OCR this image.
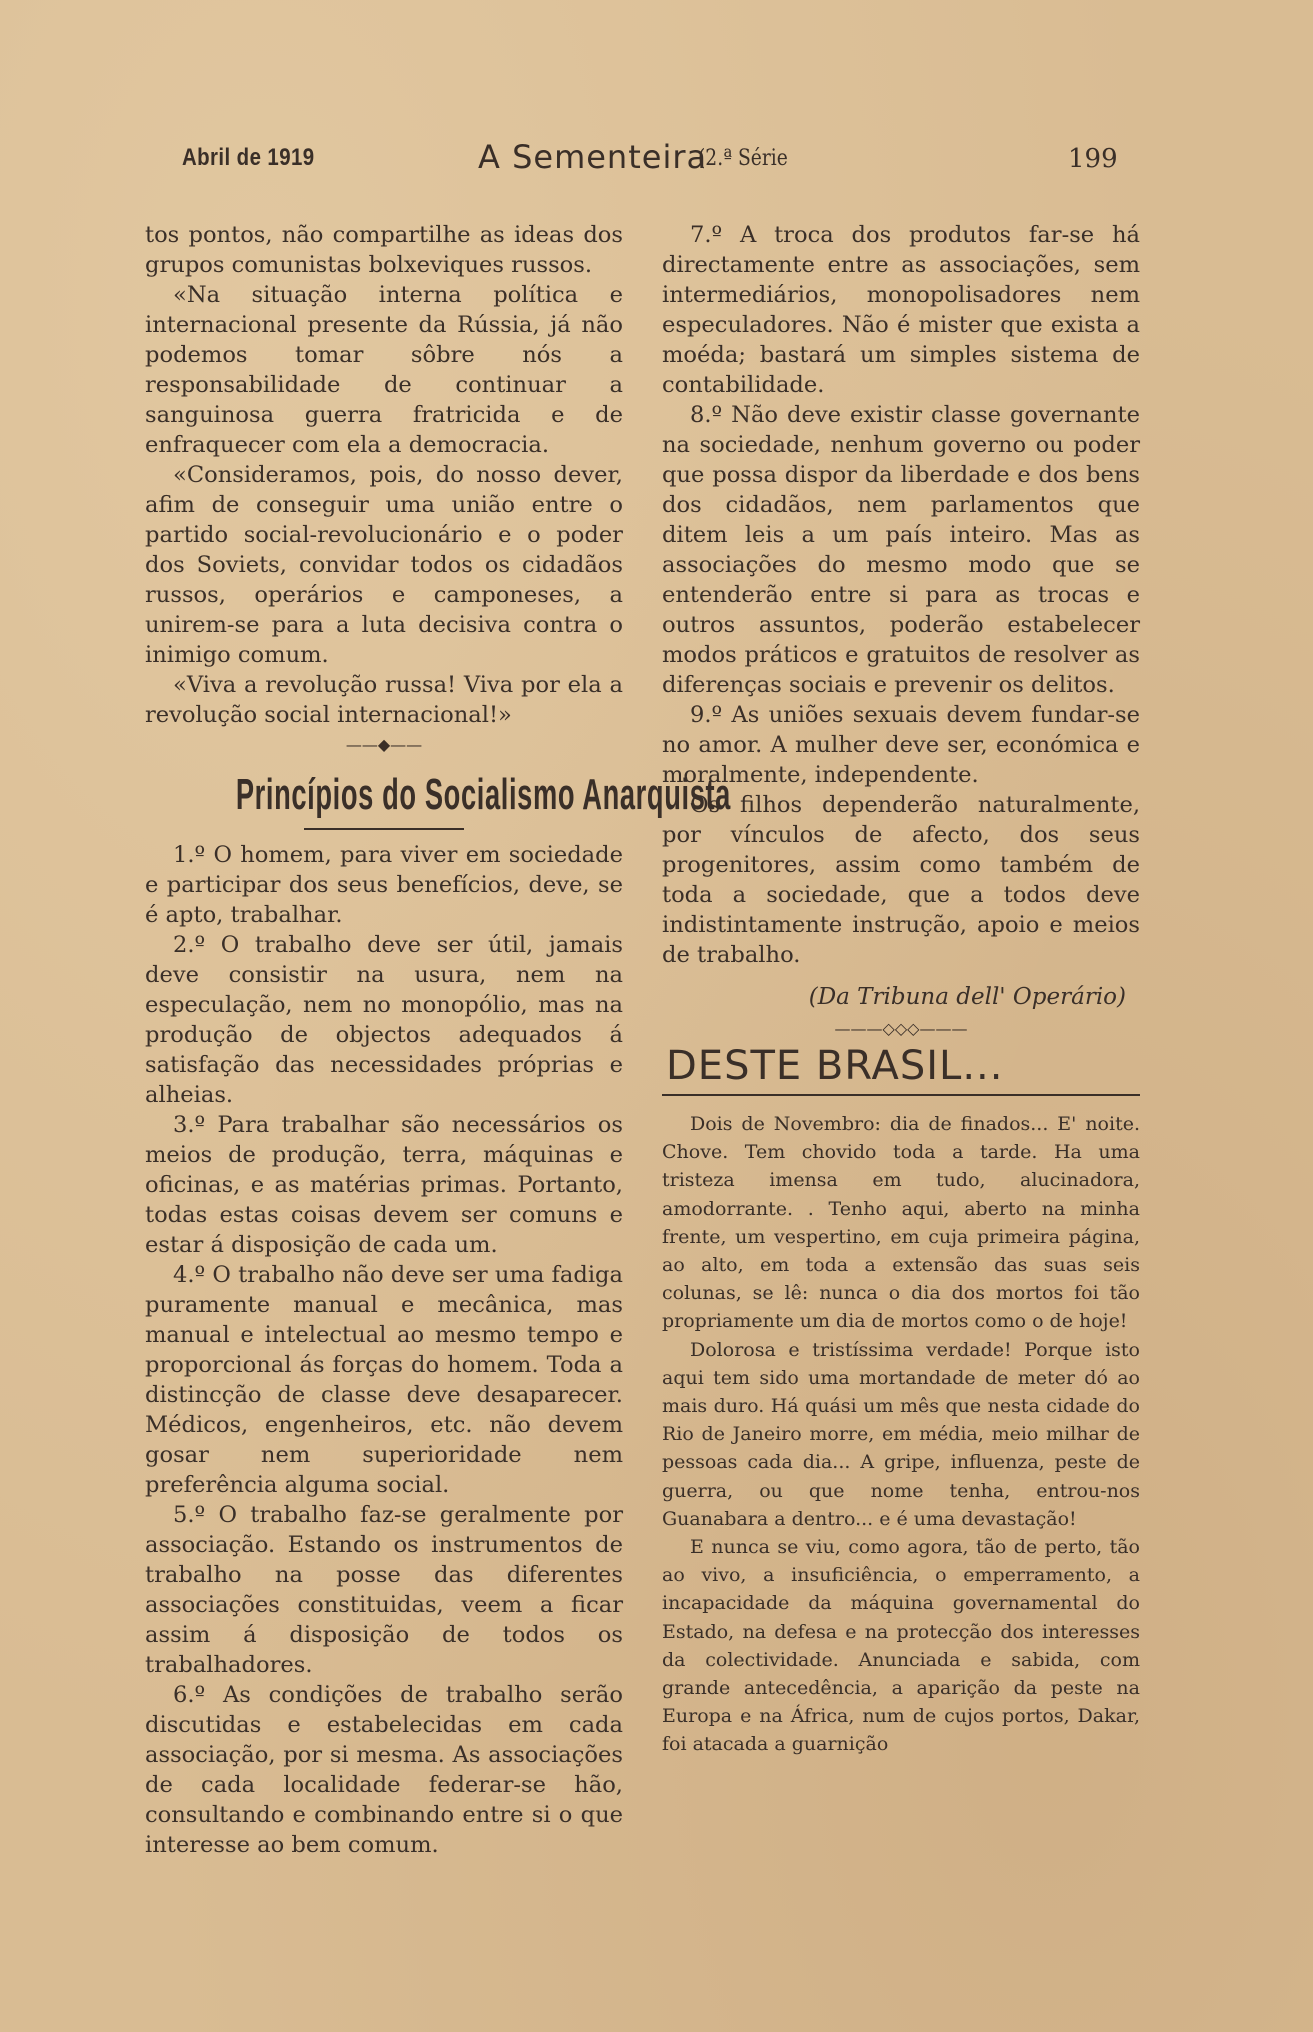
Abril de 1919	A Sementeira
(2.ª Série	199

tos pontos, não compartilhe as ideas dos grupos comunistas bolxeviques russos.

«Na situação interna política e internacional presente da Rússia, já não podemos tomar sôbre nós a responsabilidade de continuar a sanguinosa guerra fratricida e de enfraquecer com ela a democracia.

«Consideramos, pois, do nosso dever, afim de conseguir uma união entre o partido social-revolucionário e o poder dos Soviets, convidar todos os cidadãos russos, operários e camponeses, a unirem-se para a luta decisiva contra o inimigo comum.

«Viva a revolução russa! Viva por ela a revolução social internacional!»

——◆——
Princípios do Socialismo Anarquista

1.º O homem, para viver em sociedade e participar dos seus benefícios, deve, se é apto, trabalhar.

2.º O trabalho deve ser útil, jamais deve consistir na usura, nem na especulação, nem no monopólio, mas na produção de objectos adequados á satisfação das necessidades próprias e alheias.

3.º Para trabalhar são necessários os meios de produção, terra, máquinas e oficinas, e as matérias primas. Portanto, todas estas coisas devem ser comuns e estar á disposição de cada um.

4.º O trabalho não deve ser uma fadiga puramente manual e mecânica, mas manual e intelectual ao mesmo tempo e proporcional ás forças do homem. Toda a distincção de classe deve desaparecer. Médicos, engenheiros, etc. não devem gosar nem superioridade nem preferência alguma social.

5.º O trabalho faz-se geralmente por associação. Estando os instrumentos de trabalho na posse das diferentes associações constituidas, veem a ficar assim á disposição de todos os trabalhadores.

6.º As condições de trabalho serão discutidas e estabelecidas em cada associação, por si mesma. As associações de cada localidade federar-se hão, consultando e combinando entre si o que interesse ao bem comum.

7.º A troca dos produtos far-se há directamente entre as associações, sem intermediários, monopolisadores nem especuladores. Não é mister que exista a moéda; bastará um simples sistema de contabilidade.

8.º Não deve existir classe governante na sociedade, nenhum governo ou poder que possa dispor da liberdade e dos bens dos cidadãos, nem parlamentos que ditem leis a um país inteiro. Mas as associações do mesmo modo que se entenderão entre si para as trocas e outros assuntos, poderão estabelecer modos práticos e gratuitos de resolver as diferenças sociais e prevenir os delitos.

9.º As uniões sexuais devem fundar-se no amor. A mulher deve ser, económica e moralmente, independente.

Os filhos dependerão naturalmente, por vínculos de afecto, dos seus progenitores, assim como também de toda a sociedade, que a todos deve indistintamente instrução, apoio e meios de trabalho.

(Da Tribuna dell' Operário)
———◇◇◇———
DESTE BRASIL...

Dois de Novembro: dia de finados... E' noite. Chove. Tem chovido toda a tarde. Ha uma tristeza imensa em tudo, alucinadora, amodorrante. . Tenho aqui, aberto na minha frente, um vespertino, em cuja primeira página, ao alto, em toda a extensão das suas seis colunas, se lê: nunca o dia dos mortos foi tão propriamente um dia de mortos como o de hoje!

Dolorosa e tristíssima verdade! Porque isto aqui tem sido uma mortandade de meter dó ao mais duro. Há quási um mês que nesta cidade do Rio de Janeiro morre, em média, meio milhar de pessoas cada dia... A gripe, influenza, peste de guerra, ou que nome tenha, entrou-nos Guanabara a dentro... e é uma devastação!

E nunca se viu, como agora, tão de perto, tão ao vivo, a insuficiência, o emperramento, a incapacidade da máquina governamental do Estado, na defesa e na protecção dos interesses da colectividade. Anunciada e sabida, com grande antecedência, a aparição da peste na Europa e na África, num de cujos portos, Dakar, foi atacada a guarnição
